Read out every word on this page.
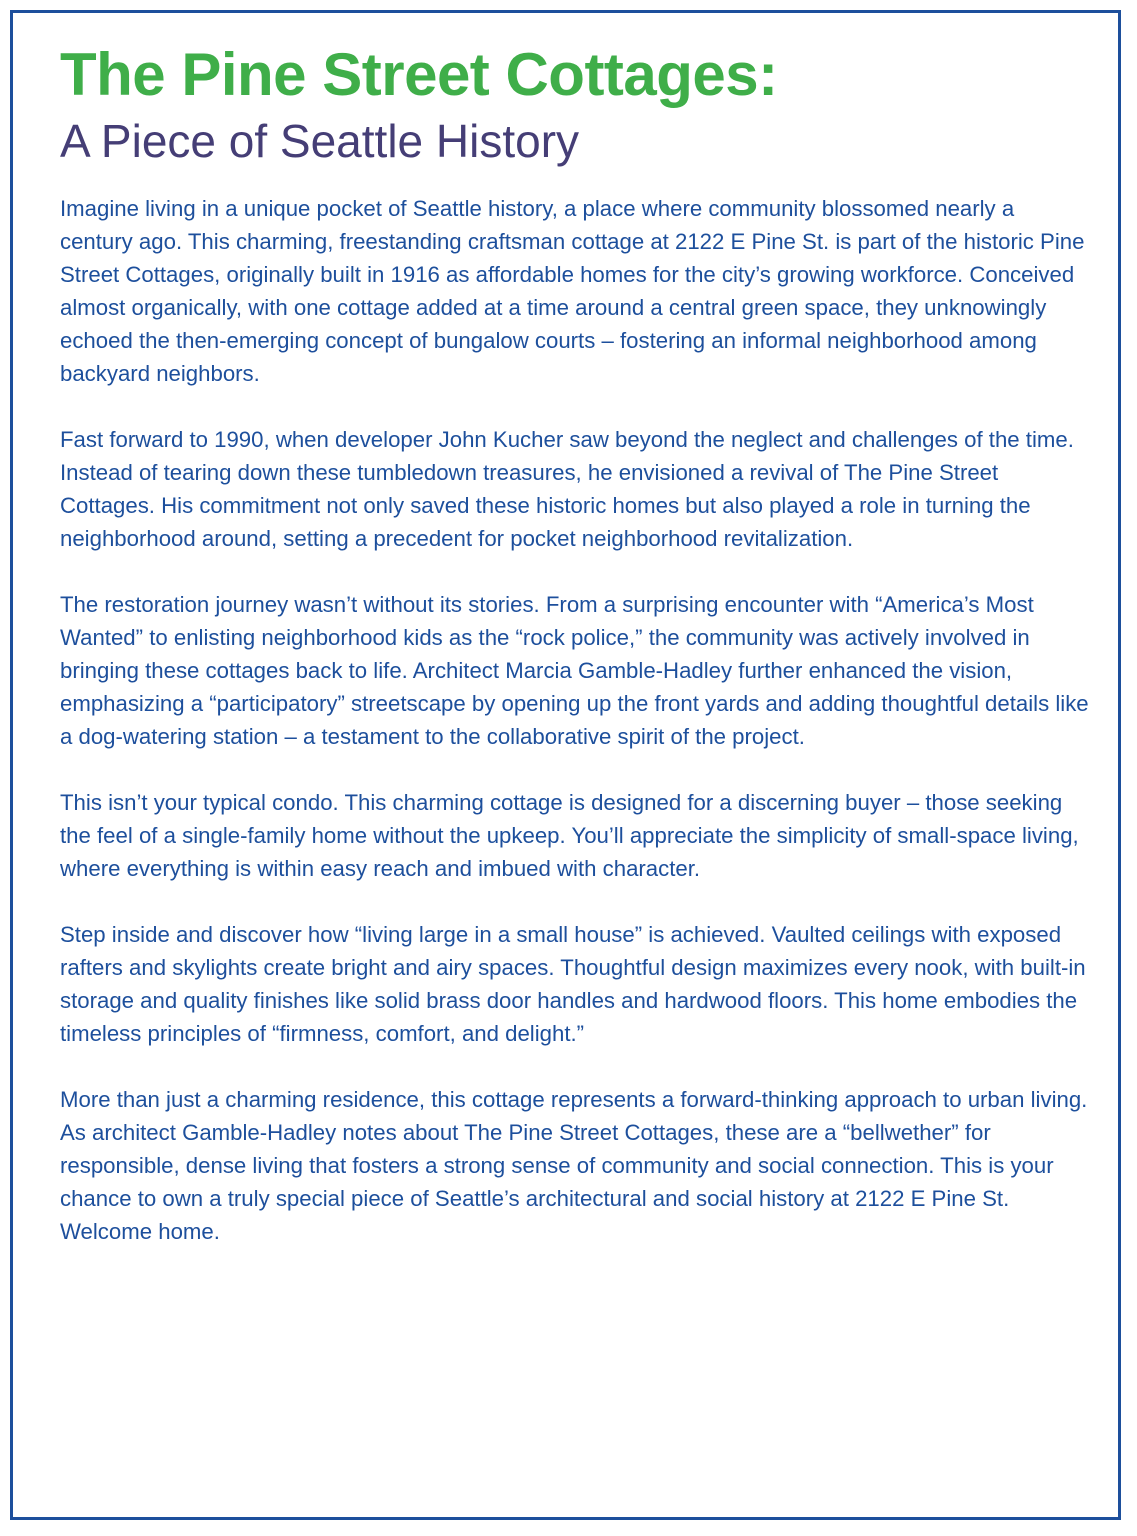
The Pine Street Cottages:
A Piece of Seattle History

Imagine living in a unique pocket of Seattle history, a place where community blossomed nearly a century ago. This charming, freestanding craftsman cottage at 2122 E Pine St. is part of the historic Pine Street Cottages, originally built in 1916 as affordable homes for the city’s growing workforce. Conceived almost organically, with one cottage added at a time around a central green space, they unknowingly echoed the then-emerging concept of bungalow courts – fostering an informal neighborhood among backyard neighbors.

Fast forward to 1990, when developer John Kucher saw beyond the neglect and challenges of the time. Instead of tearing down these tumbledown treasures, he envisioned a revival of The Pine Street Cottages. His commitment not only saved these historic homes but also played a role in turning the neighborhood around, setting a precedent for pocket neighborhood revitalization.

The restoration journey wasn’t without its stories. From a surprising encounter with “America’s Most Wanted” to enlisting neighborhood kids as the “rock police,” the community was actively involved in bringing these cottages back to life. Architect Marcia Gamble-Hadley further enhanced the vision, emphasizing a “participatory” streetscape by opening up the front yards and adding thoughtful details like a dog-watering station – a testament to the collaborative spirit of the project.

This isn’t your typical condo. This charming cottage is designed for a discerning buyer – those seeking the feel of a single-family home without the upkeep. You’ll appreciate the simplicity of small-space living, where everything is within easy reach and imbued with character.

Step inside and discover how “living large in a small house” is achieved. Vaulted ceilings with exposed rafters and skylights create bright and airy spaces. Thoughtful design maximizes every nook, with built-in storage and quality finishes like solid brass door handles and hardwood floors. This home embodies the timeless principles of “firmness, comfort, and delight.”

More than just a charming residence, this cottage represents a forward-thinking approach to urban living. As architect Gamble-Hadley notes about The Pine Street Cottages, these are a “bellwether” for responsible, dense living that fosters a strong sense of community and social connection. This is your chance to own a truly special piece of Seattle’s architectural and social history at 2122 E Pine St. Welcome home.
